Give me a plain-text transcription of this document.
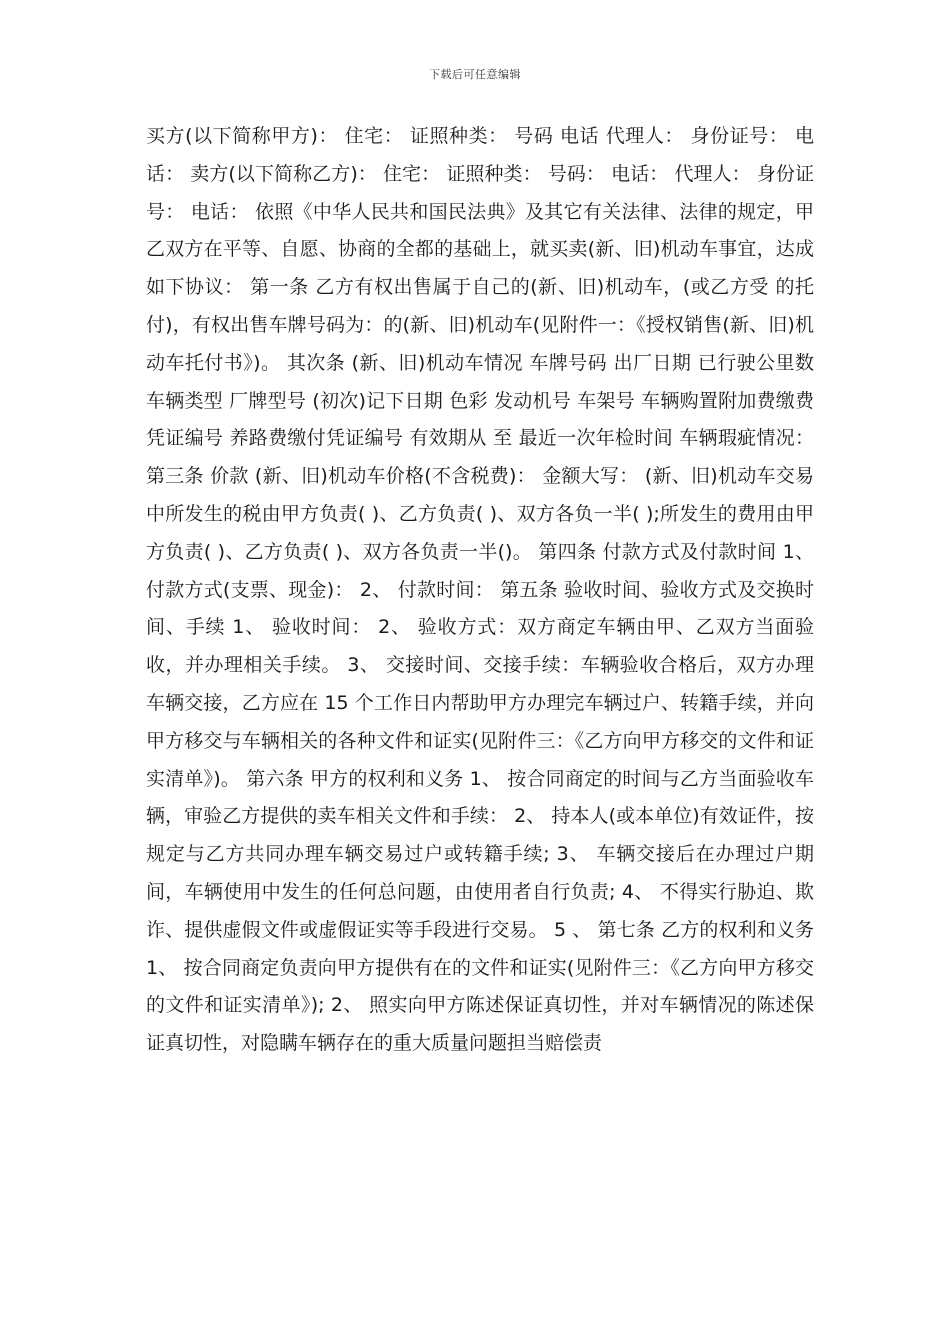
下载后可任意编辑

买方(以下简称甲方)： 住宅： 证照种类： 号码 电话 代理人： 身份证号： 电话： 卖方(以下简称乙方)： 住宅： 证照种类： 号码： 电话： 代理人： 身份证号： 电话： 依照《中华人民共和国民法典》及其它有关法律、法律的规定，甲乙双方在平等、自愿、协商的全都的基础上，就买卖(新、旧)机动车事宜，达成如下协议： 第一条 乙方有权出售属于自己的(新、旧)机动车，(或乙方受 的托付)，有权出售车牌号码为：的(新、旧)机动车(见附件一：《授权销售(新、旧)机动车托付书》)。 其次条 (新、旧)机动车情况 车牌号码 出厂日期 已行驶公里数 车辆类型 厂牌型号 (初次)记下日期 色彩 发动机号 车架号 车辆购置附加费缴费凭证编号 养路费缴付凭证编号 有效期从 至 最近一次年检时间 车辆瑕疵情况： 第三条 价款 (新、旧)机动车价格(不含税费)： 金额大写： (新、旧)机动车交易中所发生的税由甲方负责( )、乙方负责( )、双方各负一半( );所发生的费用由甲方负责( )、乙方负责( )、双方各负责一半()。 第四条 付款方式及付款时间 1、 付款方式(支票、现金)： 2、 付款时间： 第五条 验收时间、验收方式及交换时间、手续 1、 验收时间： 2、 验收方式：双方商定车辆由甲、乙双方当面验收，并办理相关手续。 3、 交接时间、交接手续：车辆验收合格后，双方办理车辆交接，乙方应在 15 个工作日内帮助甲方办理完车辆过户、转籍手续，并向甲方移交与车辆相关的各种文件和证实(见附件三：《乙方向甲方移交的文件和证实清单》)。 第六条 甲方的权利和义务 1、 按合同商定的时间与乙方当面验收车辆，审验乙方提供的卖车相关文件和手续： 2、 持本人(或本单位)有效证件，按规定与乙方共同办理车辆交易过户或转籍手续; 3、 车辆交接后在办理过户期间，车辆使用中发生的任何总问题，由使用者自行负责; 4、 不得实行胁迫、欺诈、提供虚假文件或虚假证实等手段进行交易。 5 、 第七条 乙方的权利和义务 1、 按合同商定负责向甲方提供有在的文件和证实(见附件三：《乙方向甲方移交的文件和证实清单》); 2、 照实向甲方陈述保证真切性，并对车辆情况的陈述保证真切性，对隐瞒车辆存在的重大质量问题担当赔偿责
